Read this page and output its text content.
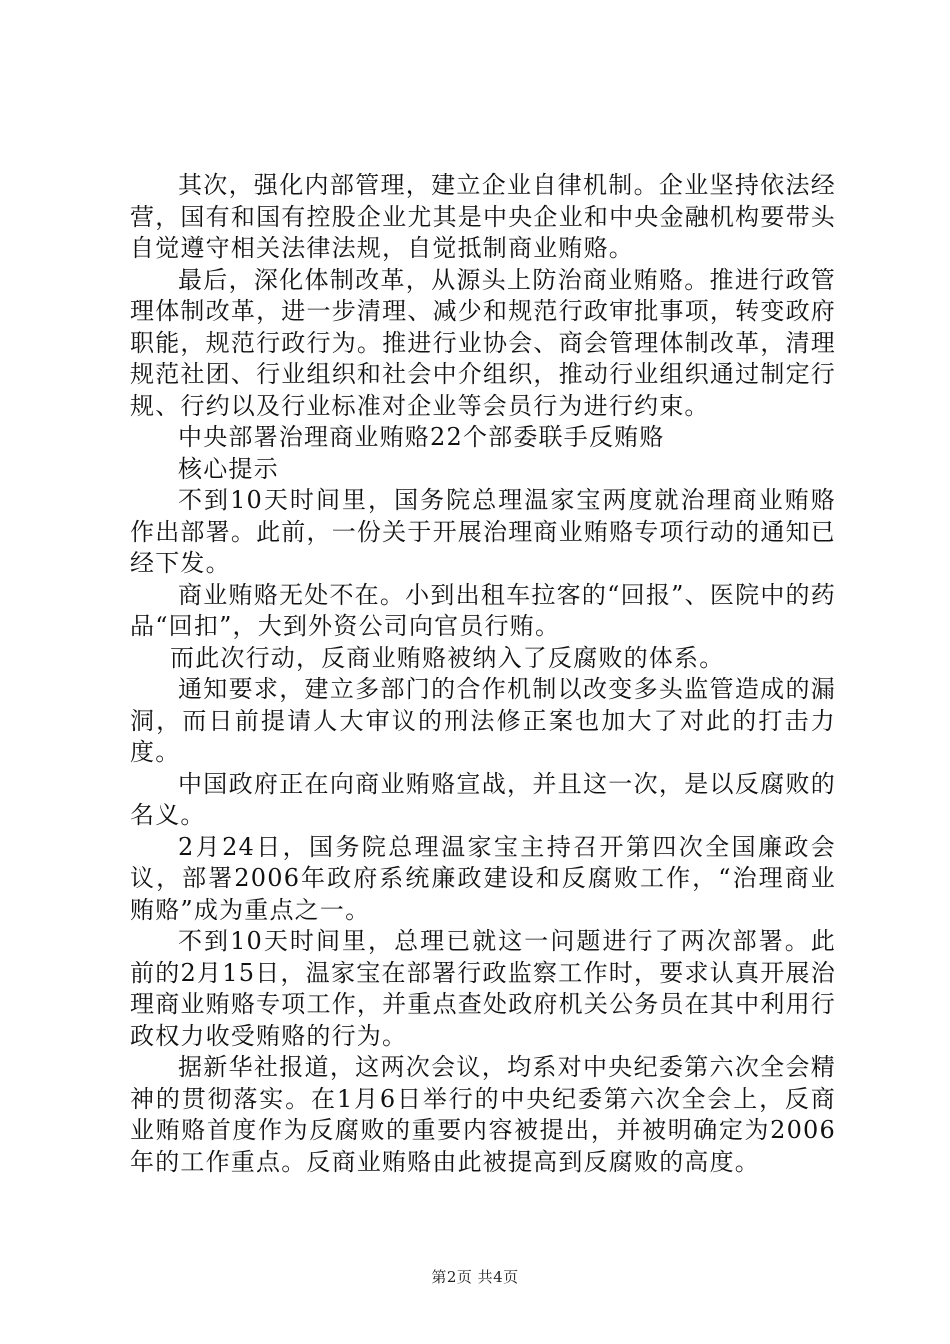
其次，强化内部管理，建立企业自律机制。企业坚持依法经营，国有和国有控股企业尤其是中央企业和中央金融机构要带头自觉遵守相关法律法规，自觉抵制商业贿赂。

最后，深化体制改革，从源头上防治商业贿赂。推进行政管理体制改革，进一步清理、减少和规范行政审批事项，转变政府职能，规范行政行为。推进行业协会、商会管理体制改革，清理规范社团、行业组织和社会中介组织，推动行业组织通过制定行规、行约以及行业标准对企业等会员行为进行约束。

中央部署治理商业贿赂22个部委联手反贿赂

核心提示

不到10天时间里，国务院总理温家宝两度就治理商业贿赂作出部署。此前，一份关于开展治理商业贿赂专项行动的通知已经下发。

商业贿赂无处不在。小到出租车拉客的“回报”、医院中的药品“回扣”，大到外资公司向官员行贿。

而此次行动，反商业贿赂被纳入了反腐败的体系。

通知要求，建立多部门的合作机制以改变多头监管造成的漏洞，而日前提请人大审议的刑法修正案也加大了对此的打击力度。

中国政府正在向商业贿赂宣战，并且这一次，是以反腐败的名义。

2月24日，国务院总理温家宝主持召开第四次全国廉政会议，部署2006年政府系统廉政建设和反腐败工作，“治理商业贿赂”成为重点之一。

不到10天时间里，总理已就这一问题进行了两次部署。此前的2月15日，温家宝在部署行政监察工作时，要求认真开展治理商业贿赂专项工作，并重点查处政府机关公务员在其中利用行政权力收受贿赂的行为。

据新华社报道，这两次会议，均系对中央纪委第六次全会精神的贯彻落实。在1月6日举行的中央纪委第六次全会上，反商业贿赂首度作为反腐败的重要内容被提出，并被明确定为2006年的工作重点。反商业贿赂由此被提高到反腐败的高度。

第2页 共4页
